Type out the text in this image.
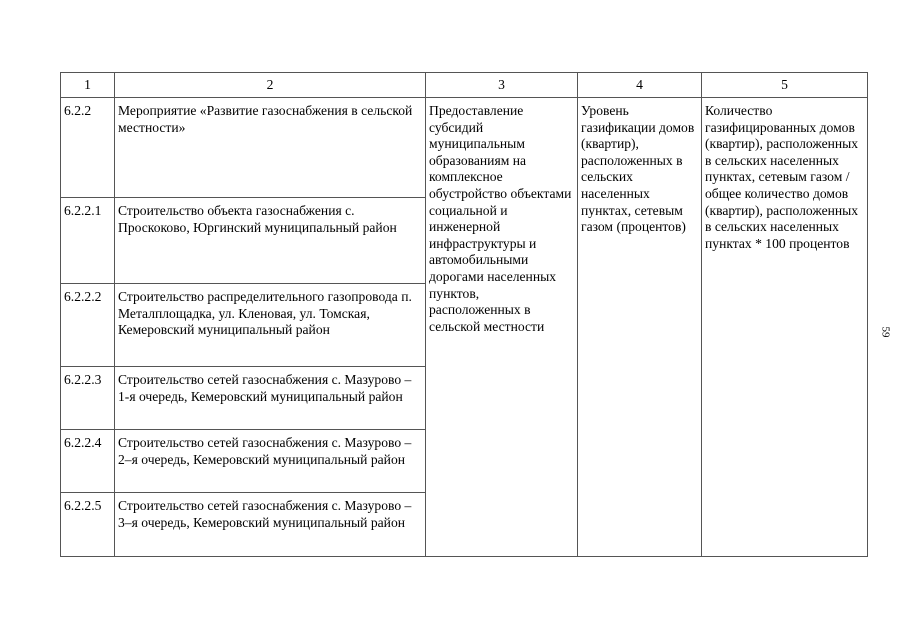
1	2	3	4	5
6.2.2	Мероприятие «Развитие газоснабжения в сельской местности»	Предоставление субсидий муниципальным образованиям на комплексное обустройство объектами социальной и инженерной инфраструктуры и автомобильными дорогами населенных пунктов, расположенных в сельской местности	Уровень газификации домов (квартир), расположенных в сельских населенных пунктах, сетевым газом (процентов)	Количество газифицированных домов (квартир), расположенных в сельских населенных пунктах, сетевым газом / общее количество домов (квартир), расположенных в сельских населенных пунктах * 100 процентов
6.2.2.1	Строительство объекта газоснабжения с. Проскоково, Юргинский муниципальный район			
6.2.2.2	Строительство распределительного газопровода п. Металплощадка, ул. Кленовая, ул. Томская, Кемеровский муниципальный район			
6.2.2.3	Строительство сетей газоснабжения с. Мазурово – 1-я очередь, Кемеровский муниципальный район			
6.2.2.4	Строительство сетей газоснабжения с. Мазурово – 2–я очередь, Кемеровский муниципальный район			
6.2.2.5	Строительство сетей газоснабжения с. Мазурово – 3–я очередь, Кемеровский муниципальный район			
59
